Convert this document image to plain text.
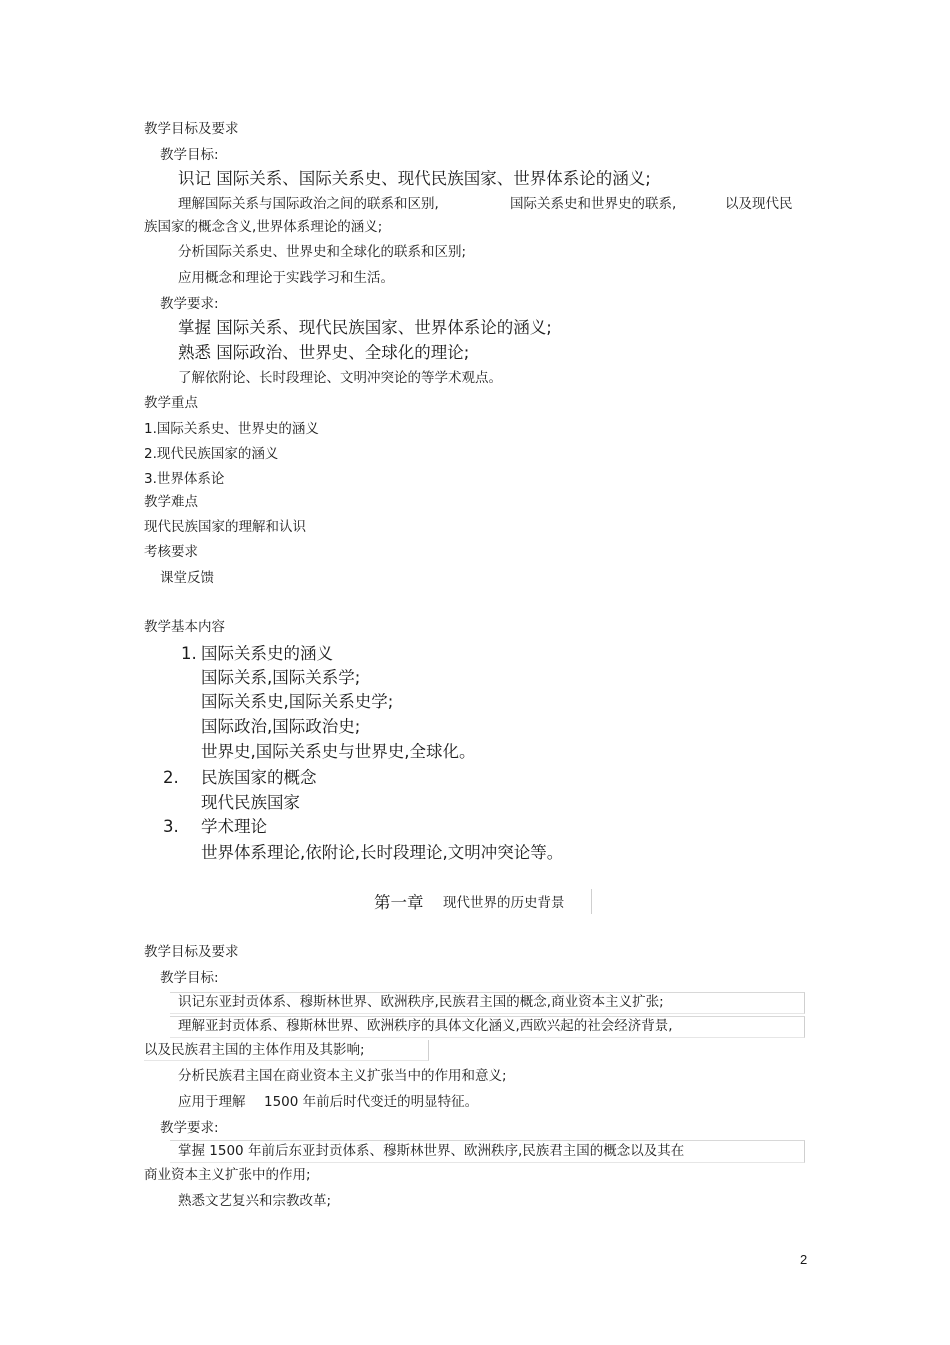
教学目标及要求
教学目标:
识记 国际关系、国际关系史、现代民族国家、世界体系论的涵义;
理解国际关系与国际政治之间的联系和区别,	国际关系史和世界史的联系,	以及现代民
族国家的概念含义,世界体系理论的涵义;
分析国际关系史、世界史和全球化的联系和区别;
应用概念和理论于实践学习和生活。
教学要求:
掌握 国际关系、现代民族国家、世界体系论的涵义;
熟悉 国际政治、世界史、全球化的理论;
了解依附论、长时段理论、文明冲突论的等学术观点。
教学重点
1.国际关系史、世界史的涵义
2.现代民族国家的涵义
3.世界体系论
教学难点
现代民族国家的理解和认识
考核要求
课堂反馈
教学基本内容
1. 国际关系史的涵义
国际关系,国际关系学;
国际关系史,国际关系史学;
国际政治,国际政治史;
世界史,国际关系史与世界史,全球化。
2. 民族国家的概念
现代民族国家
3. 学术理论
世界体系理论,依附论,长时段理论,文明冲突论等。
第一章 现代世界的历史背景
教学目标及要求
教学目标:
识记东亚封贡体系、穆斯林世界、欧洲秩序,民族君主国的概念,商业资本主义扩张;
理解亚封贡体系、穆斯林世界、欧洲秩序的具体文化涵义,西欧兴起的社会经济背景,
以及民族君主国的主体作用及其影响;
分析民族君主国在商业资本主义扩张当中的作用和意义;
应用于理解 1500 年前后时代变迁的明显特征。
教学要求:
掌握 1500 年前后东亚封贡体系、穆斯林世界、欧洲秩序,民族君主国的概念以及其在
商业资本主义扩张中的作用;
熟悉文艺复兴和宗教改革;
2
